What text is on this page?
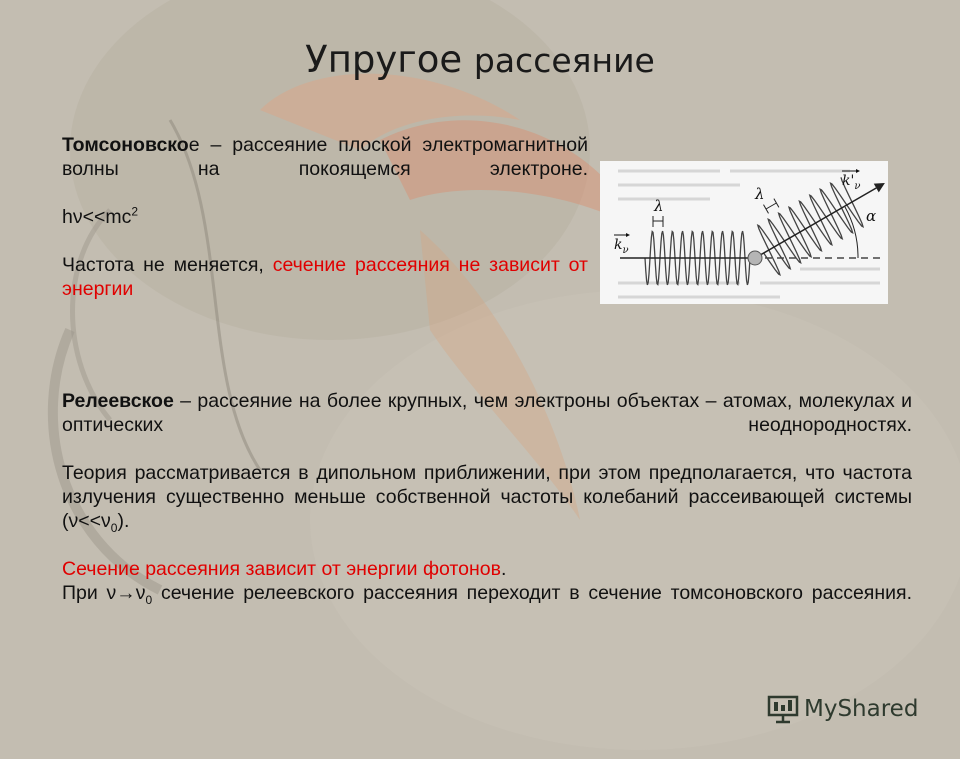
Упругое рассеяние
Томсоновское – рассеяние плоской электромагнитной волны на покоящемся электроне.
$h\nu<<mc^2$
Частота не меняется, сечение рассеяния не зависит от энергии
λ
λ
$k_\nu$
$k'_\nu$
α
Релеевское – рассеяние на более крупных, чем электроны объектах – атомах, молекулах и оптических неоднородностях.
Теория рассматривается в дипольном приближении, при этом предполагается, что частота излучения существенно меньше собственной частоты колебаний рассеивающей системы $(\nu<<\nu_0)$.
Сечение рассеяния зависит от энергии фотонов.
При $\nu\to\nu_0$ сечение релеевского рассеяния переходит в сечение томсоновского рассеяния.
MyShared
